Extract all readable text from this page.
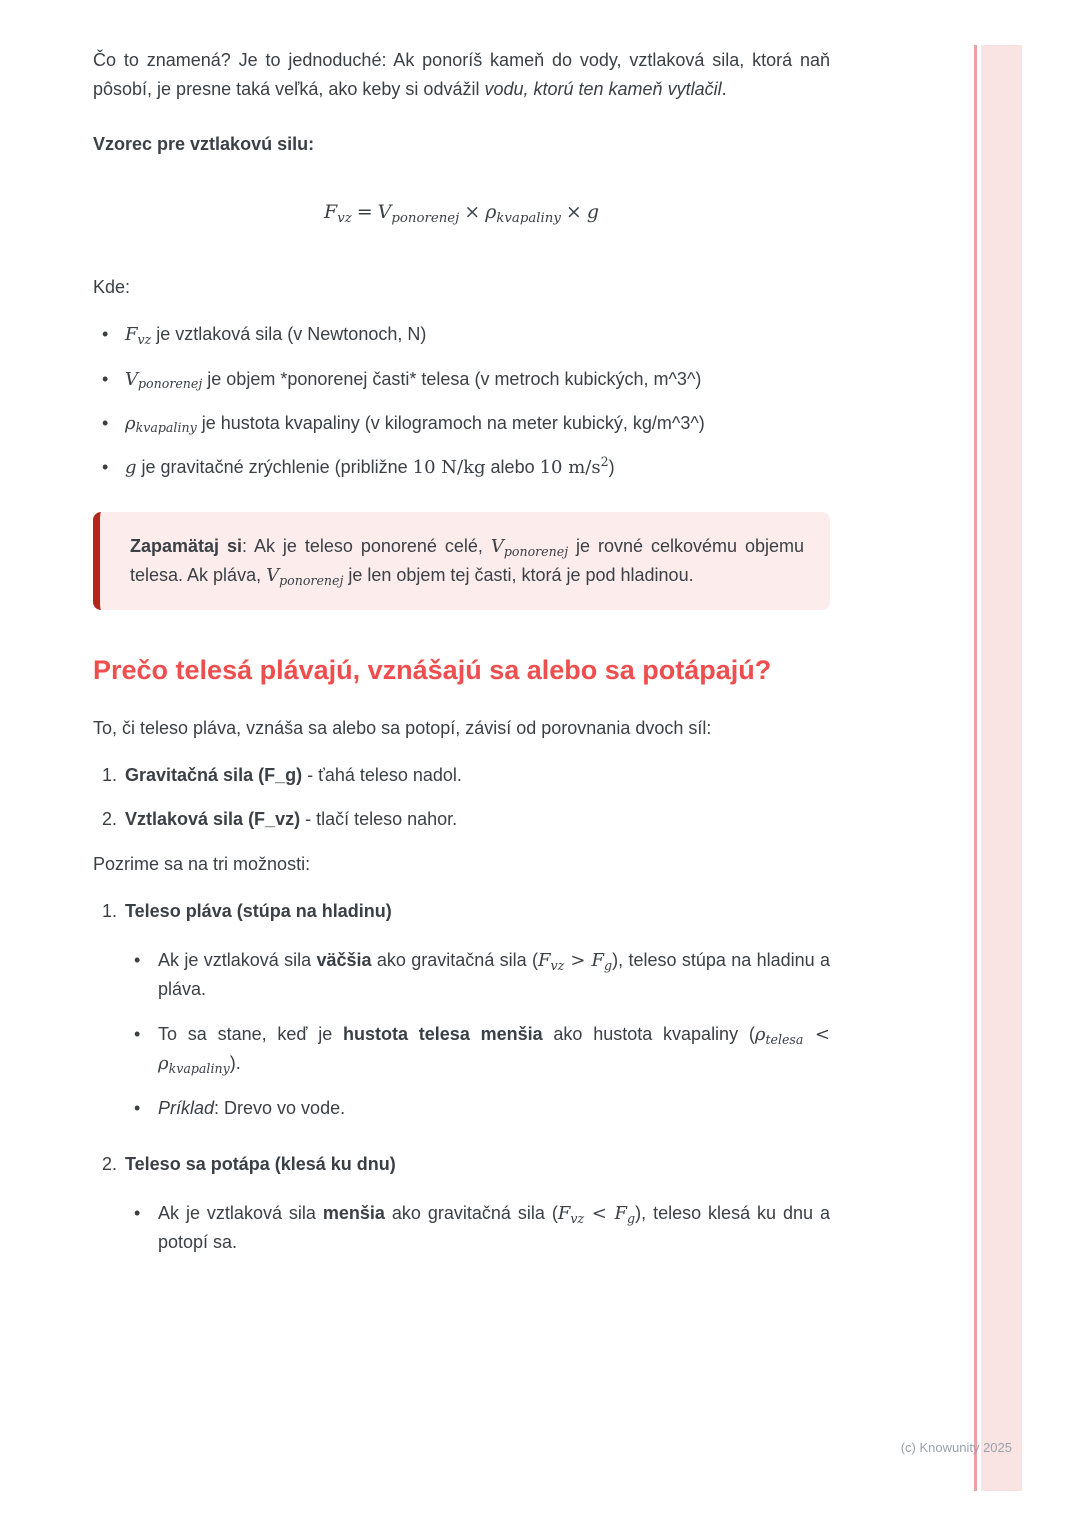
Čo to znamená? Je to jednoduché: Ak ponoríš kameň do vody, vztlaková sila, ktorá naň pôsobí, je presne taká veľká, ako keby si odvážil vodu, ktorú ten kameň vytlačil.

Vzorec pre vztlakovú silu:
$F_{vz} = V_{ponorenej} \times \rho_{kvapaliny} \times g$

Kde:

• $F_{vz}$ je vztlaková sila (v Newtonoch, N)
• $V_{ponorenej}$ je objem *ponorenej časti* telesa (v metroch kubických, m^3^)
• $\rho_{kvapaliny}$ je hustota kvapaliny (v kilogramoch na meter kubický, kg/m^3^)
• g je gravitačné zrýchlenie (približne 10 N/kg alebo 10 $m/s^2$)

Zapamätaj si: Ak je teleso ponorené celé, $V_{ponorenej}$ je rovné celkovému objemu telesa. Ak pláva, $V_{ponorenej}$ je len objem tej časti, ktorá je pod hladinou.

Prečo telesá plávajú, vznášajú sa alebo sa potápajú?

To, či teleso pláva, vznáša sa alebo sa potopí, závisí od porovnania dvoch síl:

1. Gravitačná sila (F_g) - ťahá teleso nadol.
2. Vztlaková sila (F_vz) - tlačí teleso nahor.

Pozrime sa na tri možnosti:

1. Teleso pláva (stúpa na hladinu)

• Ak je vztlaková sila väčšia ako gravitačná sila $(F_{vz} > F_g)$, teleso stúpa na hladinu a pláva.
• To sa stane, keď je hustota telesa menšia ako hustota kvapaliny $(\rho_{telesa} < \rho_{kvapaliny})$.
• Príklad: Drevo vo vode.
2. Teleso sa potápa (klesá ku dnu)

• Ak je vztlaková sila menšia ako gravitačná sila $(F_{vz} < F_g)$, teleso klesá ku dnu a potopí sa.
(c) Knowunity 2025
